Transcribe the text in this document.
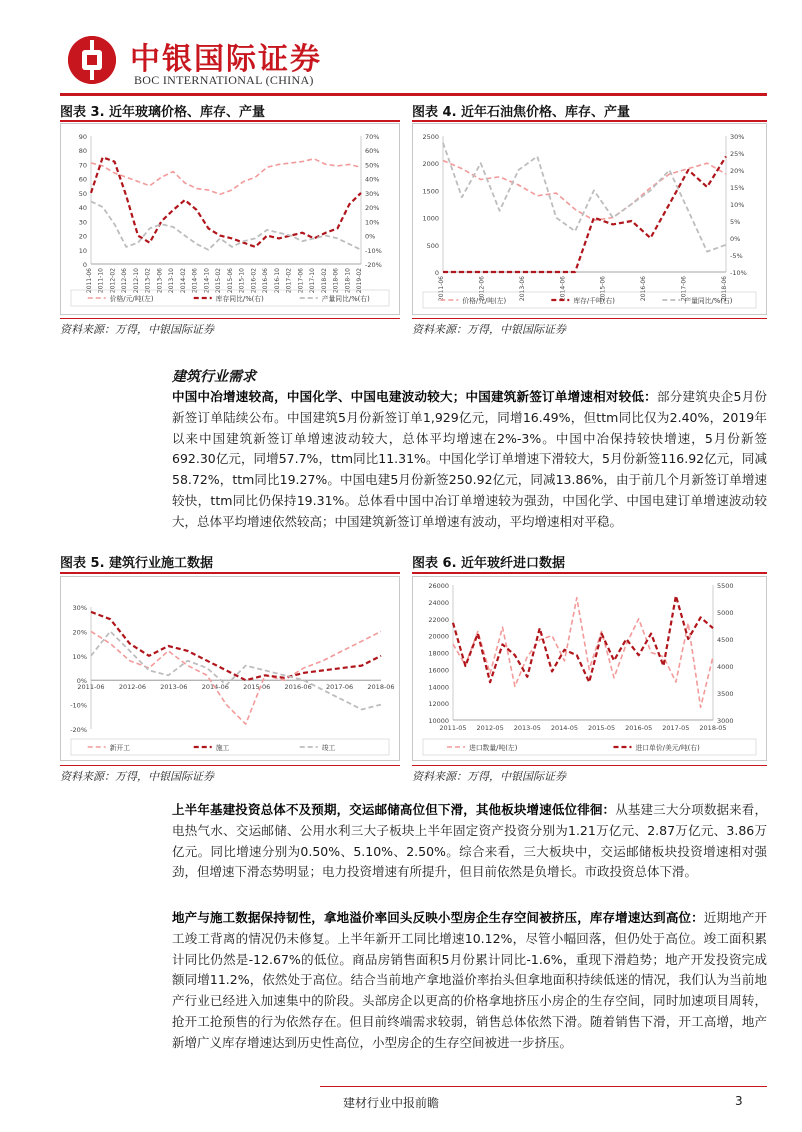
中银国际证券
BOC INTERNATIONAL (CHINA)
图表 3. 近年玻璃价格、库存、产量
0
10
20
30
40
50
60
70
80
90
-20%
-10%
0%
10%
20%
30%
40%
50%
60%
70%
2011-06 2011-10 2012-02 2012-06 2012-10 2013-02 2013-06 2013-10 2014-02 2014-06 2014-10 2015-02 2015-06 2015-10 2016-02 2016-06 2016-10 2017-02 2017-06 2017-10 2018-02 2018-06 2018-10 2019-02
价格/元/吨(左)	库存同比/%(右)	产量同比/%(右)
资料来源：万得，中银国际证券
图表 4. 近年石油焦价格、库存、产量
0
500
1000
1500
2000
2500
-10%
-5%
0%
5%
10%
15%
20%
25%
30%
2011-06	2012-06	2013-06	2014-06	2015-06	2016-06	2017-06	2018-06
价格/元/吨(左)	库存/千吨(右)	产量同比/%(右)
资料来源：万得，中银国际证券
建筑行业需求
中国中冶增速较高，中国化学、中国电建波动较大；中国建筑新签订单增速相对较低：部分建筑央企5月份新签订单陆续公布。中国建筑5月份新签订单1,929亿元，同增16.49%，但ttm同比仅为2.40%，2019年以来中国建筑新签订单增速波动较大，总体平均增速在2%-3%。中国中冶保持较快增速，5月份新签692.30亿元，同增57.7%，ttm同比11.31%。中国化学订单增速下滑较大，5月份新签116.92亿元，同减58.72%，ttm同比19.27%。中国电建5月份新签250.92亿元，同减13.86%，由于前几个月新签订单增速较快，ttm同比仍保持19.31%。总体看中国中冶订单增速较为强劲，中国化学、中国电建订单增速波动较大，总体平均增速依然较高；中国建筑新签订单增速有波动，平均增速相对平稳。
图表 5. 建筑行业施工数据
-20%
-10%
0%
10%
20%
30%
2011-06 2012-06 2013-06 2014-06 2015-06 2016-06 2017-06 2018-06
新开工	施工	竣工
资料来源：万得，中银国际证券
图表 6. 近年玻纤进口数据
10000
12000
14000
16000
18000
20000
22000
24000
26000
3000
3500
4000
4500
5000
5500
2011-05 2012-05 2013-05 2014-05 2015-05 2016-05 2017-05 2018-05
进口数量/吨(左)	进口单价/美元/吨(右)
资料来源：万得，中银国际证券
上半年基建投资总体不及预期，交运邮储高位但下滑，其他板块增速低位徘徊：从基建三大分项数据来看，电热气水、交运邮储、公用水利三大子板块上半年固定资产投资分别为1.21万亿元、2.87万亿元、3.86万亿元。同比增速分别为0.50%、5.10%、2.50%。综合来看，三大板块中，交运邮储板块投资增速相对强劲，但增速下滑态势明显；电力投资增速有所提升，但目前依然是负增长。市政投资总体下滑。
地产与施工数据保持韧性，拿地溢价率回头反映小型房企生存空间被挤压，库存增速达到高位：近期地产开工竣工背离的情况仍未修复。上半年新开工同比增速10.12%，尽管小幅回落，但仍处于高位。竣工面积累计同比仍然是-12.67%的低位。商品房销售面积5月份累计同比-1.6%，重现下滑趋势；地产开发投资完成额同增11.2%，依然处于高位。结合当前地产拿地溢价率抬头但拿地面积持续低迷的情况，我们认为当前地产行业已经进入加速集中的阶段。头部房企以更高的价格拿地挤压小房企的生存空间，同时加速项目周转，抢开工抢预售的行为依然存在。但目前终端需求较弱，销售总体依然下滑。随着销售下滑，开工高增，地产新增广义库存增速达到历史性高位，小型房企的生存空间被进一步挤压。
建材行业中报前瞻	3
